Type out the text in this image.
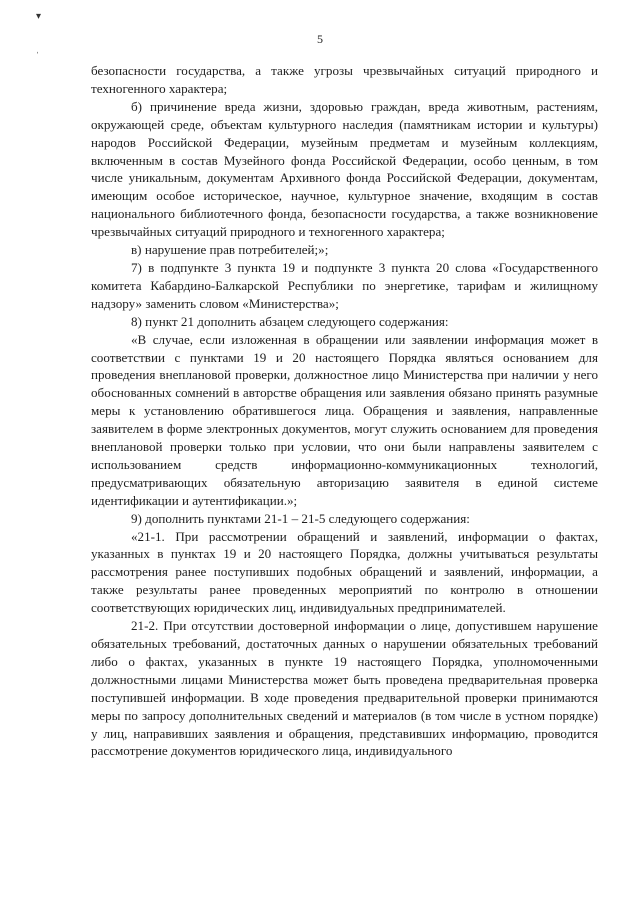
▾
ˌ
5

безопасности государства, а также угрозы чрезвычайных ситуаций природного и техногенного характера;

б) причинение вреда жизни, здоровью граждан, вреда животным, растениям, окружающей среде, объектам культурного наследия (памятникам истории и культуры) народов Российской Федерации, музейным предметам и музейным коллекциям, включенным в состав Музейного фонда Российской Федерации, особо ценным, в том числе уникальным, документам Архивного фонда Российской Федерации, документам, имеющим особое историческое, научное, культурное значение, входящим в состав национального библиотечного фонда, безопасности государства, а также возникновение чрезвычайных ситуаций природного и техногенного характера;

в) нарушение прав потребителей;»;

7) в подпункте 3 пункта 19 и подпункте 3 пункта 20 слова «Государственного комитета Кабардино-Балкарской Республики по энергетике, тарифам и жилищному надзору» заменить словом «Министерства»;

8) пункт 21 дополнить абзацем следующего содержания:

«В случае, если изложенная в обращении или заявлении информация может в соответствии с пунктами 19 и 20 настоящего Порядка являться основанием для проведения внеплановой проверки, должностное лицо Министерства при наличии у него обоснованных сомнений в авторстве обращения или заявления обязано принять разумные меры к установлению обратившегося лица. Обращения и заявления, направленные заявителем в форме электронных документов, могут служить основанием для проведения внеплановой проверки только при условии, что они были направлены заявителем с использованием средств информационно-коммуникационных технологий, предусматривающих обязательную авторизацию заявителя в единой системе идентификации и аутентификации.»;

9) дополнить пунктами 21-1 – 21-5 следующего содержания:

«21-1. При рассмотрении обращений и заявлений, информации о фактах, указанных в пунктах 19 и 20 настоящего Порядка, должны учитываться результаты рассмотрения ранее поступивших подобных обращений и заявлений, информации, а также результаты ранее проведенных мероприятий по контролю в отношении соответствующих юридических лиц, индивидуальных предпринимателей.

21-2. При отсутствии достоверной информации о лице, допустившем нарушение обязательных требований, достаточных данных о нарушении обязательных требований либо о фактах, указанных в пункте 19 настоящего Порядка, уполномоченными должностными лицами Министерства может быть проведена предварительная проверка поступившей информации. В ходе проведения предварительной проверки принимаются меры по запросу дополнительных сведений и материалов (в том числе в устном порядке) у лиц, направивших заявления и обращения, представивших информацию, проводится рассмотрение документов юридического лица, индивидуального
